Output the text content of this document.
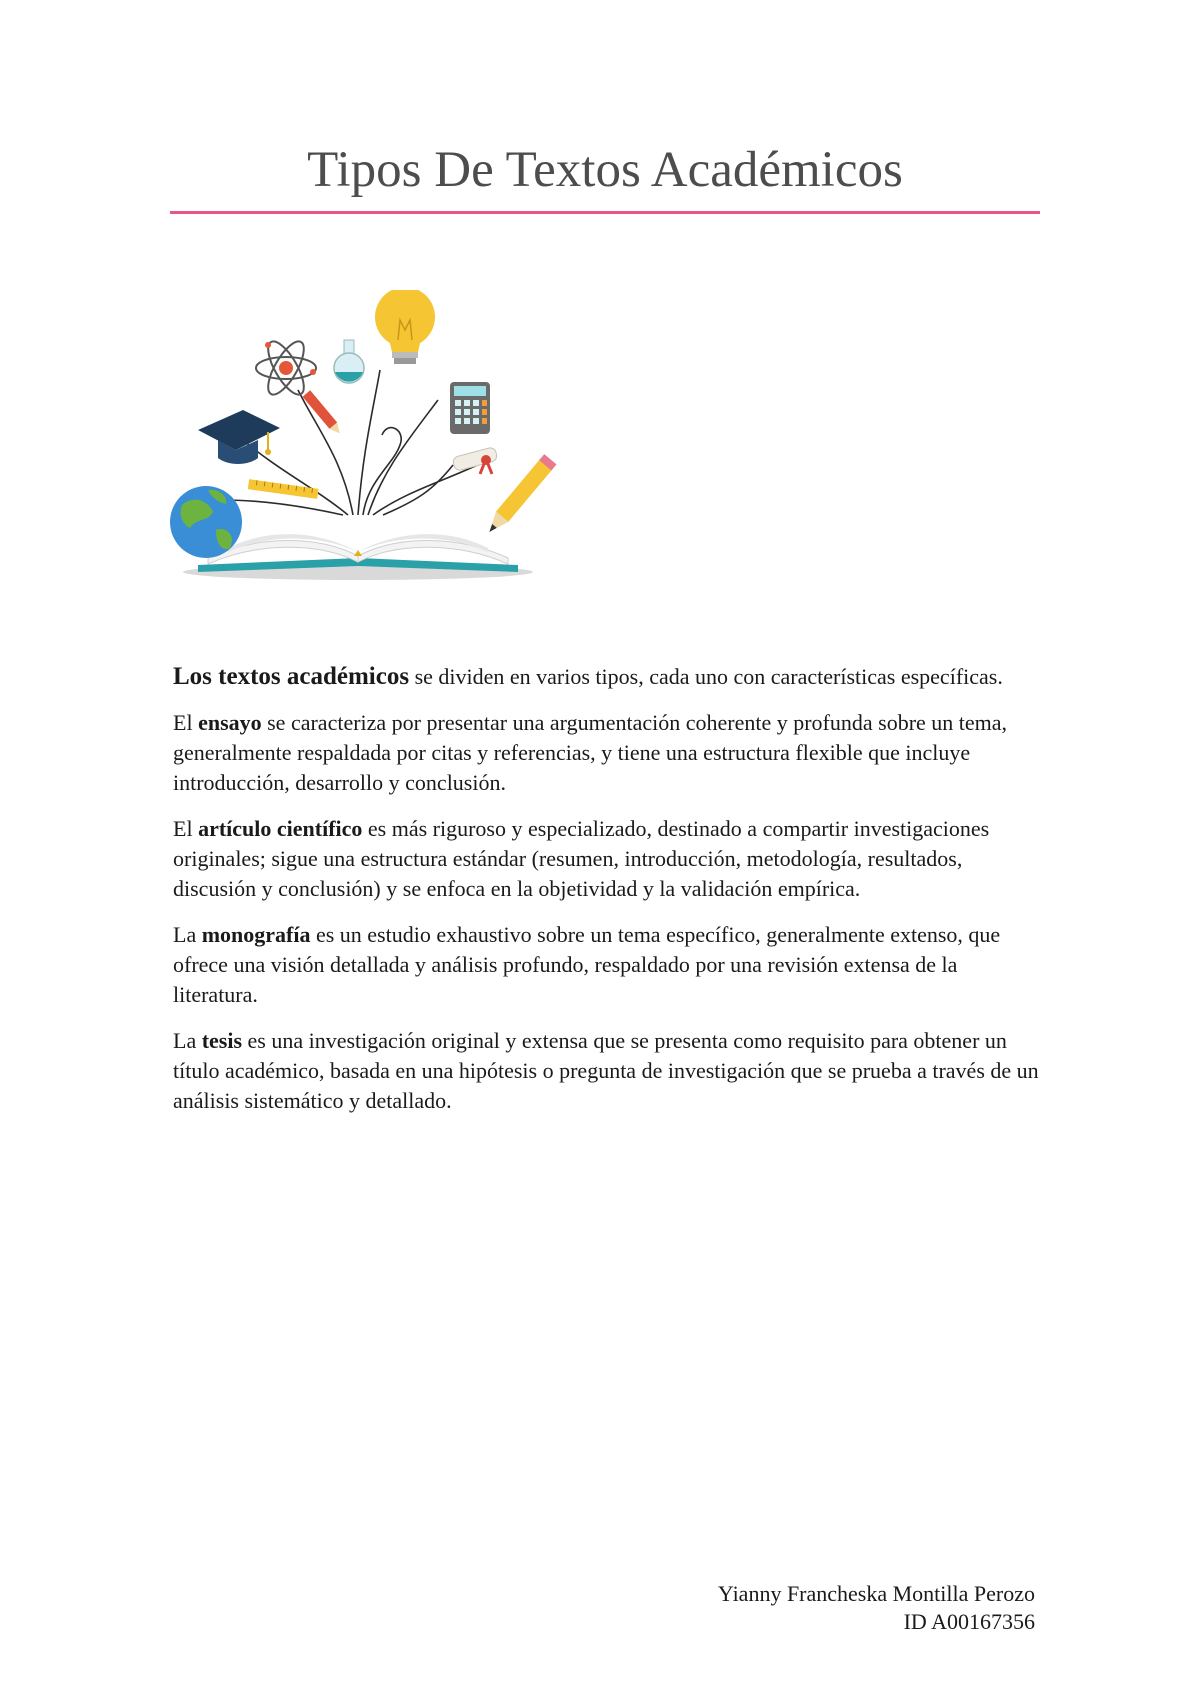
Tipos De Textos Académicos

Los textos académicos se dividen en varios tipos, cada uno con características específicas.

El ensayo se caracteriza por presentar una argumentación coherente y profunda sobre un tema, generalmente respaldada por citas y referencias, y tiene una estructura flexible que incluye introducción, desarrollo y conclusión.

El artículo científico es más riguroso y especializado, destinado a compartir investigaciones originales; sigue una estructura estándar (resumen, introducción, metodología, resultados, discusión y conclusión) y se enfoca en la objetividad y la validación empírica.

La monografía es un estudio exhaustivo sobre un tema específico, generalmente extenso, que ofrece una visión detallada y análisis profundo, respaldado por una revisión extensa de la literatura.

La tesis es una investigación original y extensa que se presenta como requisito para obtener un título académico, basada en una hipótesis o pregunta de investigación que se prueba a través de un análisis sistemático y detallado.

Yianny Francheska Montilla Perozo
ID A00167356
